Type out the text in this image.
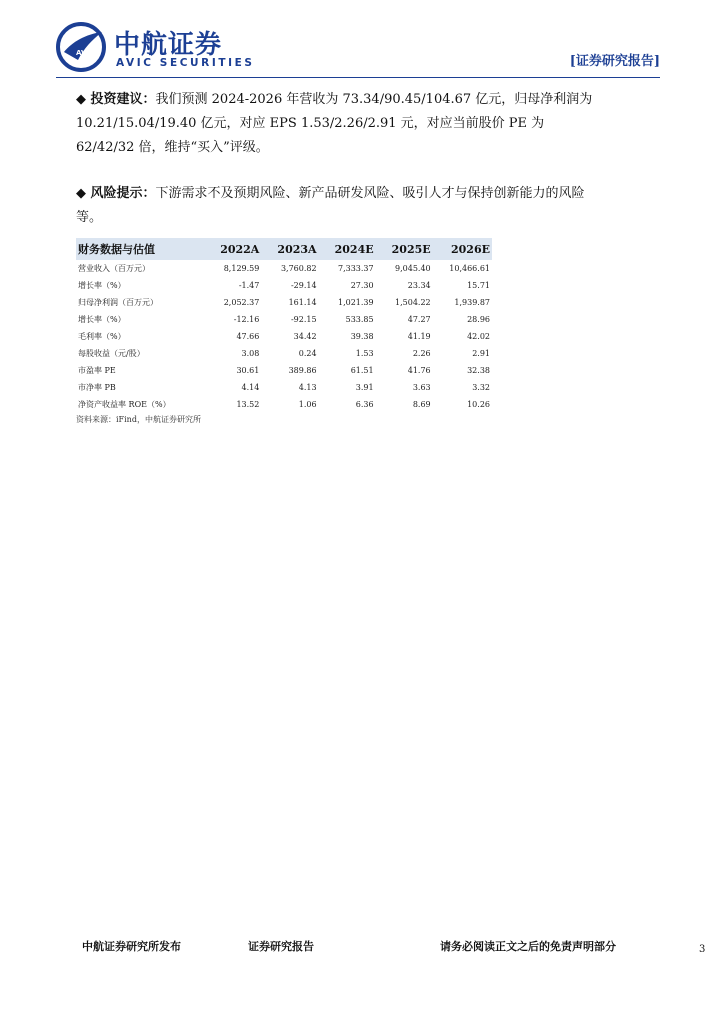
AVIC 中航证券
AVIC SECURITIES	[证券研究报告]
◆ 投资建议：我们预测 2024-2026 年营收为 73.34/90.45/104.67 亿元，归母净利润为 10.21/15.04/19.40 亿元，对应 EPS 1.53/2.26/2.91 元，对应当前股价 PE 为 62/42/32 倍，维持“买入”评级。
◆ 风险提示：下游需求不及预期风险、新产品研发风险、吸引人才与保持创新能力的风险等。
财务数据与估值	2022A	2023A	2024E	2025E	2026E
营业收入（百万元）	8,129.59	3,760.82	7,333.37	9,045.40	10,466.61
增长率（%）	-1.47	-29.14	27.30	23.34	15.71
归母净利润（百万元）	2,052.37	161.14	1,021.39	1,504.22	1,939.87
增长率（%）	-12.16	-92.15	533.85	47.27	28.96
毛利率（%）	47.66	34.42	39.38	41.19	42.02
每股收益（元/股）	3.08	0.24	1.53	2.26	2.91
市盈率 PE	30.61	389.86	61.51	41.76	32.38
市净率 PB	4.14	4.13	3.91	3.63	3.32
净资产收益率 ROE（%）	13.52	1.06	6.36	8.69	10.26
资料来源：iFind，中航证券研究所
中航证券研究所发布	证券研究报告	请务必阅读正文之后的免责声明部分	3
